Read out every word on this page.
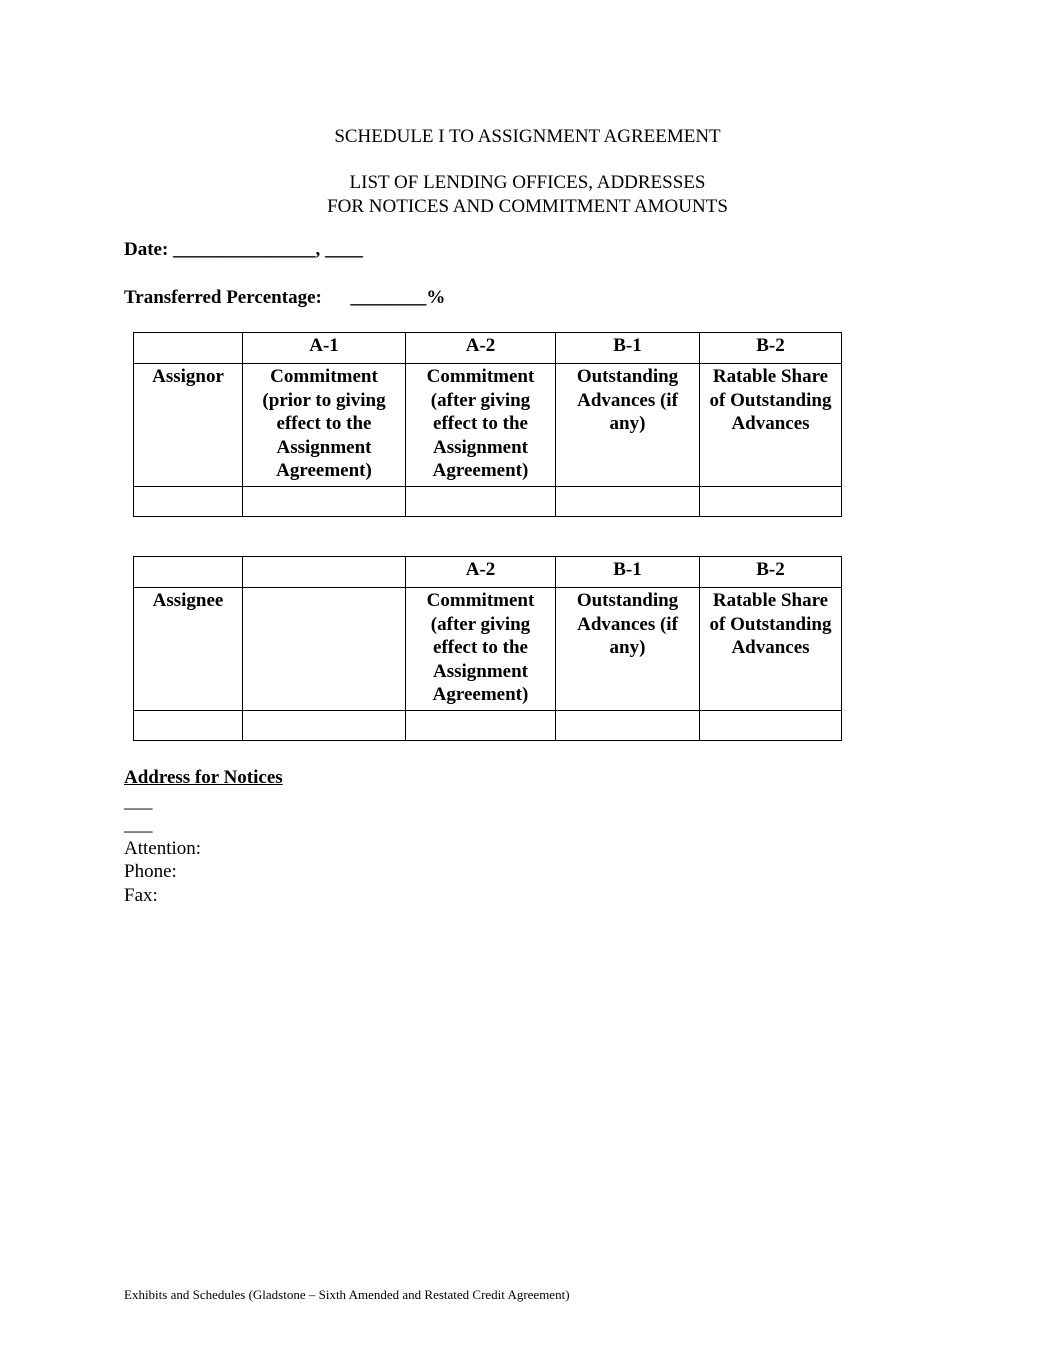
SCHEDULE I TO ASSIGNMENT AGREEMENT
LIST OF LENDING OFFICES, ADDRESSES
FOR NOTICES AND COMMITMENT AMOUNTS
Date: _______________, ____
Transferred Percentage:      ________%
	A-1	A-2	B-1	B-2
Assignor	Commitment (prior to giving effect to the Assignment Agreement)	Commitment (after giving effect to the Assignment Agreement)	Outstanding Advances (if any)	Ratable Share of Outstanding Advances

		A-2	B-1	B-2
Assignee		Commitment (after giving effect to the Assignment Agreement)	Outstanding Advances (if any)	Ratable Share of Outstanding Advances

Address for Notices
___
___
Attention:
Phone:
Fax:
Exhibits and Schedules (Gladstone – Sixth Amended and Restated Credit Agreement)
